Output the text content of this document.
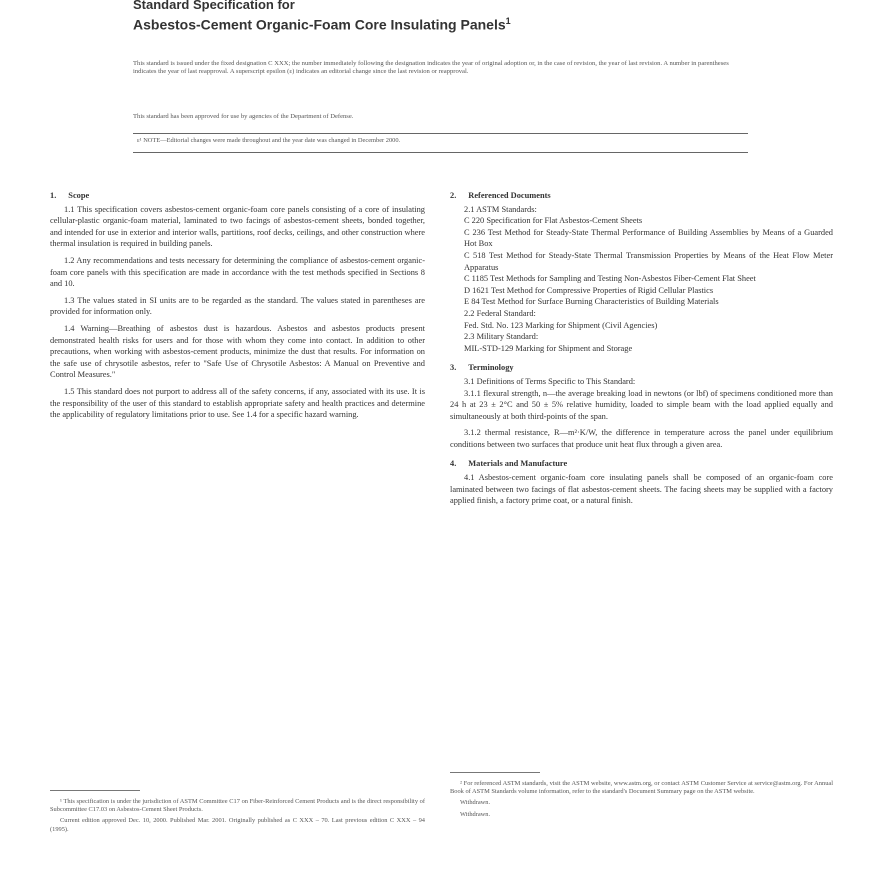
Standard Specification for
Asbestos-Cement Organic-Foam Core Insulating Panels$^1$
This standard is issued under the fixed designation C XXX; the number immediately following the designation indicates the year of original adoption or, in the case of revision, the year of last revision. A number in parentheses indicates the year of last reapproval. A superscript epsilon (ε) indicates an editorial change since the last revision or reapproval.
This standard has been approved for use by agencies of the Department of Defense.
ε¹ NOTE—Editorial changes were made throughout and the year date was changed in December 2000.
1. Scope

1.1 This specification covers asbestos-cement organic-foam core panels consisting of a core of insulating cellular-plastic organic-foam material, laminated to two facings of asbestos-cement sheets, bonded together, and intended for use in exterior and interior walls, partitions, roof decks, ceilings, and other construction where thermal insulation is required in building panels.

1.2 Any recommendations and tests necessary for determining the compliance of asbestos-cement organic-foam core panels with this specification are made in accordance with the test methods specified in Sections 8 and 10.

1.3 The values stated in SI units are to be regarded as the standard. The values stated in parentheses are provided for information only.

1.4 Warning—Breathing of asbestos dust is hazardous. Asbestos and asbestos products present demonstrated health risks for users and for those with whom they come into contact. In addition to other precautions, when working with asbestos-cement products, minimize the dust that results. For information on the safe use of chrysotile asbestos, refer to "Safe Use of Chrysotile Asbestos: A Manual on Preventive and Control Measures."

1.5 This standard does not purport to address all of the safety concerns, if any, associated with its use. It is the responsibility of the user of this standard to establish appropriate safety and health practices and determine the applicability of regulatory limitations prior to use. See 1.4 for a specific hazard warning.

2. Referenced Documents
2.1 ASTM Standards:
C 220 Specification for Flat Asbestos-Cement Sheets
C 236 Test Method for Steady-State Thermal Performance of Building Assemblies by Means of a Guarded Hot Box
C 518 Test Method for Steady-State Thermal Transmission Properties by Means of the Heat Flow Meter Apparatus
C 1185 Test Methods for Sampling and Testing Non-Asbestos Fiber-Cement Flat Sheet
D 1621 Test Method for Compressive Properties of Rigid Cellular Plastics
E 84 Test Method for Surface Burning Characteristics of Building Materials
2.2 Federal Standard:
Fed. Std. No. 123 Marking for Shipment (Civil Agencies)
2.3 Military Standard:
MIL-STD-129 Marking for Shipment and Storage
3. Terminology

3.1 Definitions of Terms Specific to This Standard:

3.1.1 flexural strength, n—the average breaking load in newtons (or lbf) of specimens conditioned more than 24 h at 23 ± 2°C and 50 ± 5% relative humidity, loaded to simple beam with the load applied equally and simultaneously at both third-points of the span.

3.1.2 thermal resistance, R—m²·K/W, the difference in temperature across the panel under equilibrium conditions between two surfaces that produce unit heat flux through a given area.

4. Materials and Manufacture

4.1 Asbestos-cement organic-foam core insulating panels shall be composed of an organic-foam core laminated between two facings of flat asbestos-cement sheets. The facing sheets may be supplied with a factory applied finish, a factory prime coat, or a natural finish.

¹ This specification is under the jurisdiction of ASTM Committee C17 on Fiber-Reinforced Cement Products and is the direct responsibility of Subcommittee C17.03 on Asbestos-Cement Sheet Products.

Current edition approved Dec. 10, 2000. Published Mar. 2001. Originally published as C XXX – 70. Last previous edition C XXX – 94 (1995).

² For referenced ASTM standards, visit the ASTM website, www.astm.org, or contact ASTM Customer Service at service@astm.org. For Annual Book of ASTM Standards volume information, refer to the standard's Document Summary page on the ASTM website.

Withdrawn.

Withdrawn.
